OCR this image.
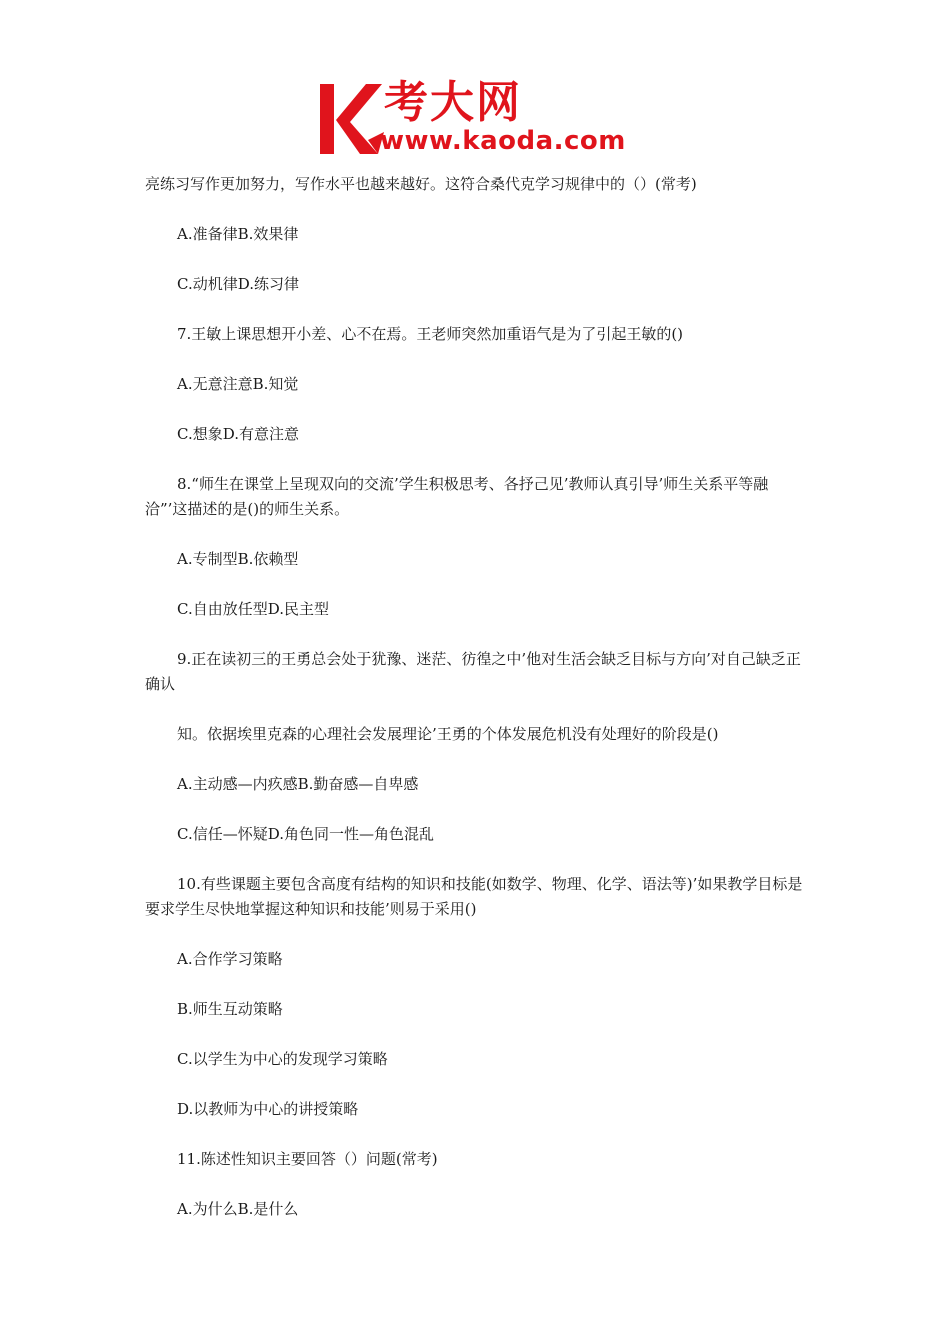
考大网
www.kaoda.com

亮练习写作更加努力，写作水平也越来越好。这符合桑代克学习规律中的（）(常考)

A.准备律B.效果律

C.动机律D.练习律

7.王敏上课思想开小差、心不在焉。王老师突然加重语气是为了引起王敏的()

A.无意注意B.知觉

C.想象D.有意注意

8.“师生在课堂上呈现双向的交流’学生积极思考、各抒己见’教师认真引导’师生关系平等融洽”’这描述的是()的师生关系。

A.专制型B.依赖型

C.自由放任型D.民主型

9.正在读初三的王勇总会处于犹豫、迷茫、彷徨之中’他对生活会缺乏目标与方向’对自己缺乏正确认

知。依据埃里克森的心理社会发展理论’王勇的个体发展危机没有处理好的阶段是()

A.主动感—内疚感B.勤奋感—自卑感

C.信任—怀疑D.角色同一性—角色混乱

10.有些课题主要包含高度有结构的知识和技能(如数学、物理、化学、语法等)’如果教学目标是要求学生尽快地掌握这种知识和技能’则易于采用()

A.合作学习策略

B.师生互动策略

C.以学生为中心的发现学习策略

D.以教师为中心的讲授策略

11.陈述性知识主要回答（）问题(常考)

A.为什么B.是什么
